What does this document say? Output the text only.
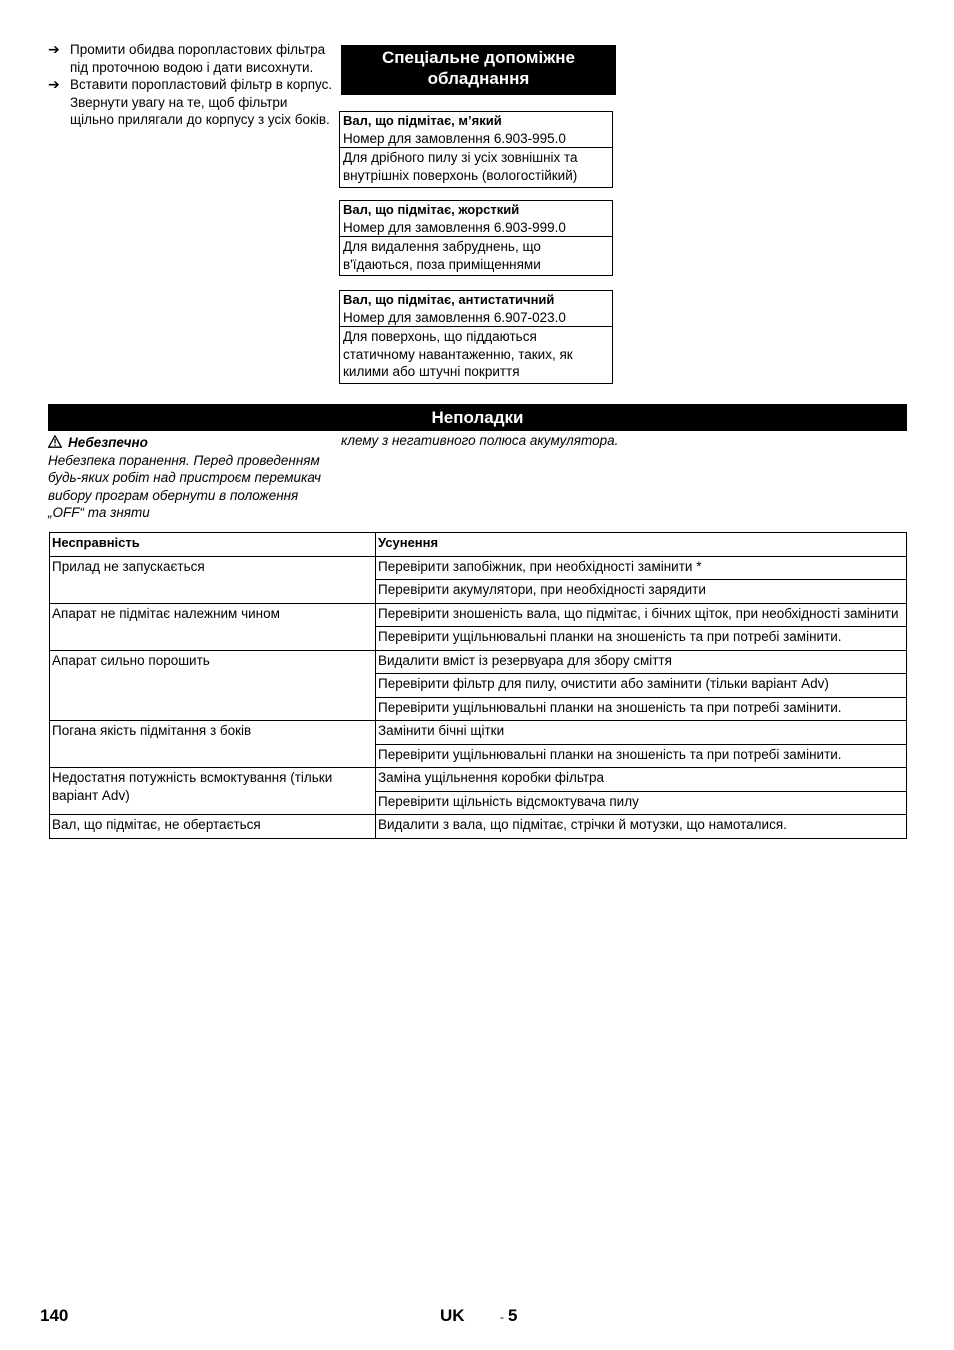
➔ Промити обидва поропластових фільтра під проточною водою і дати висохнути.
➔ Вставити поропластовий фільтр в корпус. Звернути увагу на те, щоб фільтри щільно прилягали до корпусу з усіх боків.
Спеціальне допоміжне обладнання
Вал, що підмітає, м’який
Номер для замовлення 6.903-995.0
Для дрібного пилу зі усіх зовнішніх та внутрішніх поверхонь (вологостійкий)
Вал, що підмітає, жорсткий
Номер для замовлення 6.903-999.0
Для видалення забруднень, що в'їдаються, поза приміщеннями
Вал, що підмітає, антистатичний
Номер для замовлення 6.907-023.0
Для поверхонь, що піддаються статичному навантаженню, таких, як килими або штучні покриття
Неполадки
Небезпечно
Небезпека поранення. Перед проведенням будь-яких робіт над пристроєм перемикач вибору програм обернути в положення „OFF“ та зняти
клему з негативного полюса акумулятора.
Несправність	Усунення
Прилад не запускається	Перевірити запобіжник, при необхідності замінити *
	Перевірити акумулятори, при необхідності зарядити
Апарат не підмітає належним чином	Перевірити зношеність вала, що підмітає, і бічних щіток, при необхідності замінити
	Перевірити ущільнювальні планки на зношеність та при потребі замінити.
Апарат сильно порошить	Видалити вміст із резервуара для збору сміття
	Перевірити фільтр для пилу, очистити або замінити (тільки варіант Adv)
	Перевірити ущільнювальні планки на зношеність та при потребі замінити.
Погана якість підмітання з боків	Замінити бічні щітки
	Перевірити ущільнювальні планки на зношеність та при потребі замінити.
Недостатня потужність всмоктування (тільки варіант Adv)	Заміна ущільнення коробки фільтра
	Перевірити щільність відсмоктувача пилу
Вал, що підмітає, не обертається	Видалити з вала, що підмітає, стрічки й мотузки, що намоталися.
140	UK	- 5
